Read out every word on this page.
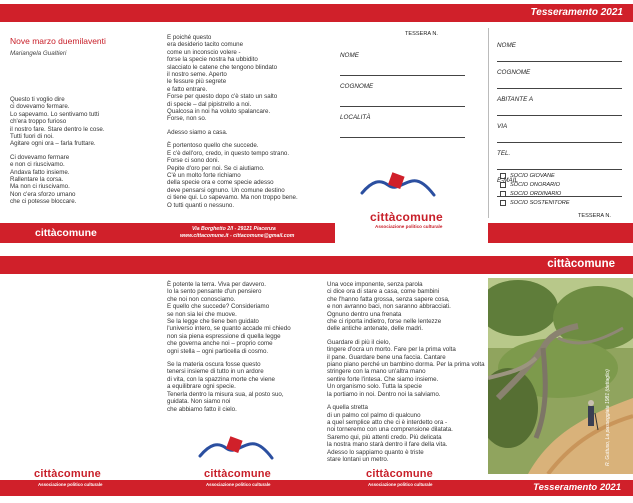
Tesseramento 2021
Nove marzo duemilaventi
Mariangela Gualtieri

Questo ti voglio dire
ci dovevamo fermare.
Lo sapevamo. Lo sentivamo tutti
ch'era troppo furioso
il nostro fare. Stare dentro le cose.
Tutti fuori di noi.
Agitare ogni ora – farla fruttare.

Ci dovevamo fermare
e non ci riuscivamo.
Andava fatto insieme.
Rallentare la corsa.
Ma non ci riuscivamo.
Non c'era sforzo umano
che ci potesse bloccare.

E poiché questo
era desiderio tacito comune
come un inconscio volere -
forse la specie nostra ha ubbidito
slacciato le catene che tengono blindato
il nostro seme. Aperto
le fessure più segrete
e fatto entrare.
Forse per questo dopo c'è stato un salto
di specie – dal pipistrello a noi.
Qualcosa in noi ha voluto spalancare.
Forse, non so.

Adesso siamo a casa.

È portentoso quello che succede.
E c'è dell'oro, credo, in questo tempo strano.
Forse ci sono doni.
Pepite d'oro per noi. Se ci aiutiamo.
C'è un molto forte richiamo
della specie ora e come specie adesso
deve pensarsi ognuno. Un comune destino
ci tiene qui. Lo sapevamo. Ma non troppo bene.
O tutti quanti o nessuno.

TESSERA N.
NOME
COGNOME
LOCALITÀ
cittàcomune
Associazione politico culturale
NOME
COGNOME
ABITANTE A
VIA
TEL.
E-MAIL
SOCIO GIOVANE
SOCIO ONORARIO
SOCIO ORDINARIO
SOCIO SOSTENITORE
TESSERA N.
cittàcomune	Via Borghetto 2/I - 29121 Piacenza
www.cittacomune.it - cittacomune@gmail.com
cittàcomune

È potente la terra. Viva per davvero.
Io la sento pensante d'un pensiero
che noi non conosciamo.
E quello che succede? Consideriamo
se non sia lei che muove.
Se la legge che tiene ben guidato
l'universo intero, se quanto accade mi chiedo
non sia piena espressione di quella legge
che governa anche noi – proprio come
ogni stella – ogni particella di cosmo.

Se la materia oscura fosse questo
tenersi insieme di tutto in un ardore
di vita, con la spazzina morte che viene
a equilibrare ogni specie.
Tenerla dentro la misura sua, al posto suo,
guidata. Non siamo noi
che abbiamo fatto il cielo.

Una voce imponente, senza parola
ci dice ora di stare a casa, come bambini
che l'hanno fatta grossa, senza sapere cosa,
e non avranno baci, non saranno abbracciati.
Ognuno dentro una frenata
che ci riporta indietro, forse nelle lentezze
delle antiche antenate, delle madri.

Guardare di più il cielo,
tingere d'ocra un morto. Fare per la prima volta
il pane. Guardare bene una faccia. Cantare
piano piano perché un bambino dorma. Per la prima volta
stringere con la mano un'altra mano
sentire forte l'intesa. Che siamo insieme.
Un organismo solo. Tutta la specie
la portiamo in noi. Dentro noi la salviamo.

A quella stretta
di un palmo col palmo di qualcuno
a quel semplice atto che ci è interdetto ora -
noi torneremo con una comprensione dilatata.
Saremo qui, più attenti credo. Più delicata
la nostra mano starà dentro il fare della vita.
Adesso lo sappiamo quanto è triste
stare lontani un metro.	R. Guttuso, La passeggiata 1981 (dettaglio)
cittàcomune
Associazione politico culturale
cittàcomune
Associazione politico culturale
cittàcomune
Associazione politico culturale	Tesseramento 2021
